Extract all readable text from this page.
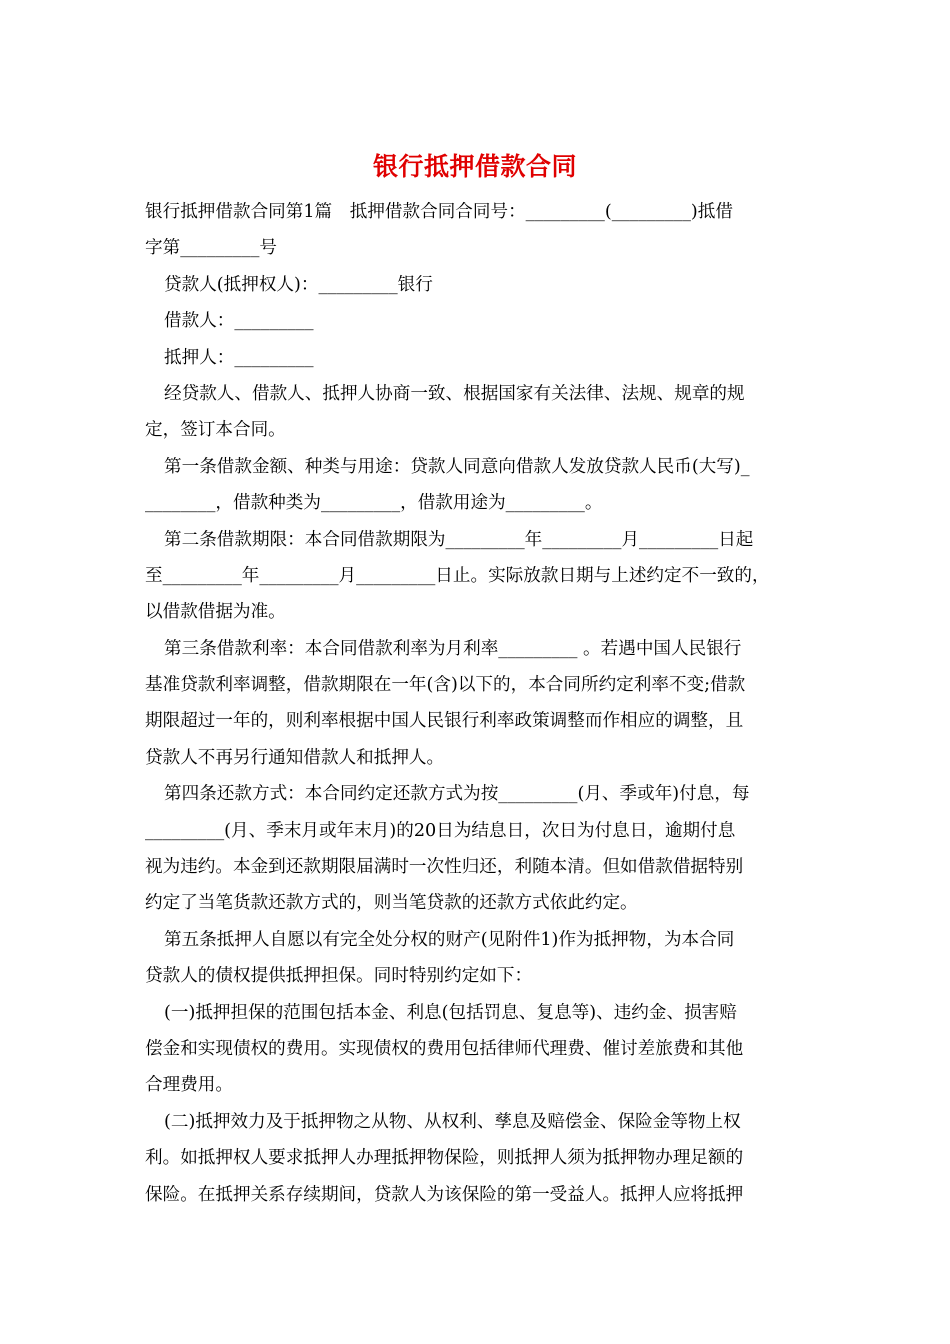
银行抵押借款合同

银行抵押借款合同第1篇　抵押借款合同合同号：_________(_________)抵借

字第_________号

贷款人(抵押权人)：_________银行

借款人：_________

抵押人：_________

经贷款人、借款人、抵押人协商一致、根据国家有关法律、法规、规章的规

定，签订本合同。

第一条借款金额、种类与用途：贷款人同意向借款人发放贷款人民币(大写)_

________，借款种类为_________，借款用途为_________。

第二条借款期限：本合同借款期限为_________年_________月_________日起

至_________年_________月_________日止。实际放款日期与上述约定不一致的，

以借款借据为准。

第三条借款利率：本合同借款利率为月利率_________ 。若遇中国人民银行

基准贷款利率调整，借款期限在一年(含)以下的，本合同所约定利率不变;借款

期限超过一年的，则利率根据中国人民银行利率政策调整而作相应的调整，且

贷款人不再另行通知借款人和抵押人。

第四条还款方式：本合同约定还款方式为按_________(月、季或年)付息，每

_________(月、季末月或年末月)的20日为结息日，次日为付息日，逾期付息

视为违约。本金到还款期限届满时一次性归还，利随本清。但如借款借据特别

约定了当笔货款还款方式的，则当笔贷款的还款方式依此约定。

第五条抵押人自愿以有完全处分权的财产(见附件1)作为抵押物，为本合同

贷款人的债权提供抵押担保。同时特别约定如下：

(一)抵押担保的范围包括本金、利息(包括罚息、复息等)、违约金、损害赔

偿金和实现债权的费用。实现债权的费用包括律师代理费、催讨差旅费和其他

合理费用。

(二)抵押效力及于抵押物之从物、从权利、孳息及赔偿金、保险金等物上权

利。如抵押权人要求抵押人办理抵押物保险，则抵押人须为抵押物办理足额的

保险。在抵押关系存续期间，贷款人为该保险的第一受益人。抵押人应将抵押
